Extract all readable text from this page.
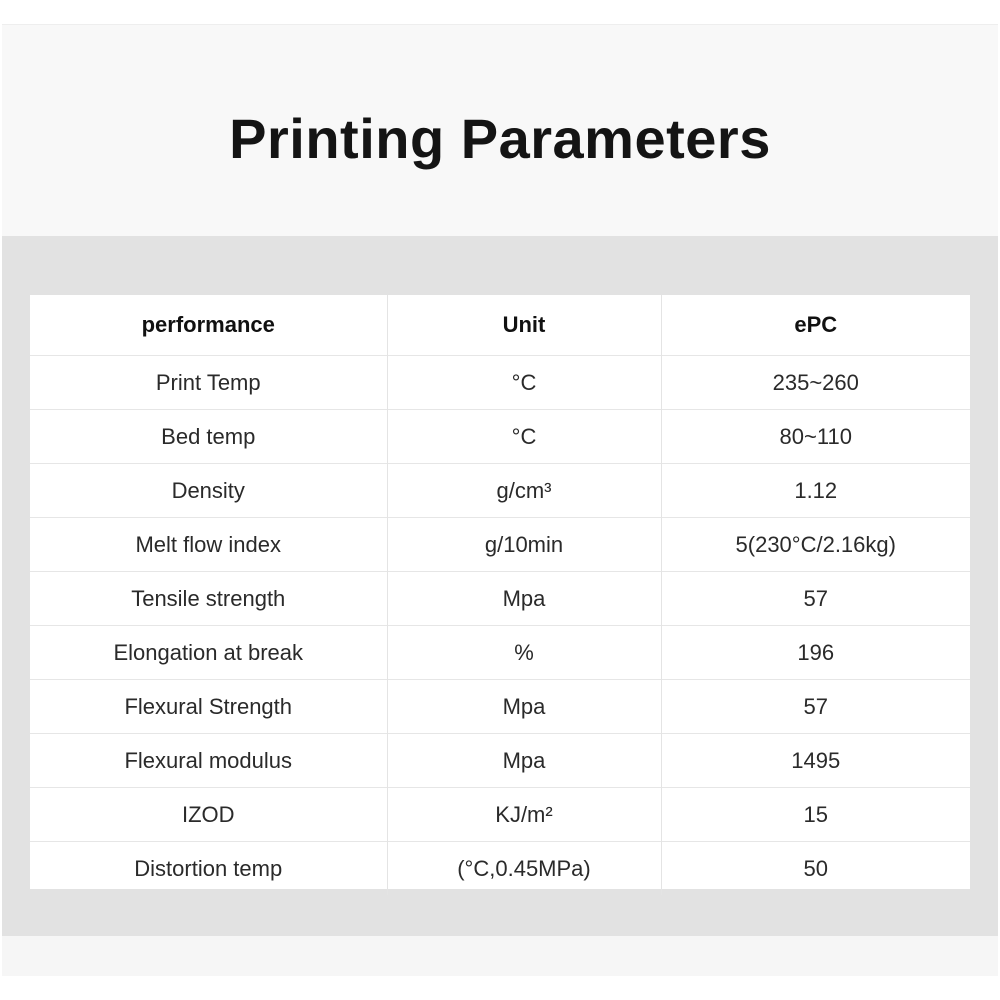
Printing Parameters
performance	Unit	ePC
Print Temp	°C	235~260
Bed temp	°C	80~110
Density	g/cm³	1.12
Melt flow index	g/10min	5(230°C/2.16kg)
Tensile strength	Mpa	57
Elongation at break	%	196
Flexural Strength	Mpa	57
Flexural modulus	Mpa	1495
IZOD	KJ/m²	15
Distortion temp	(°C,0.45MPa)	50
